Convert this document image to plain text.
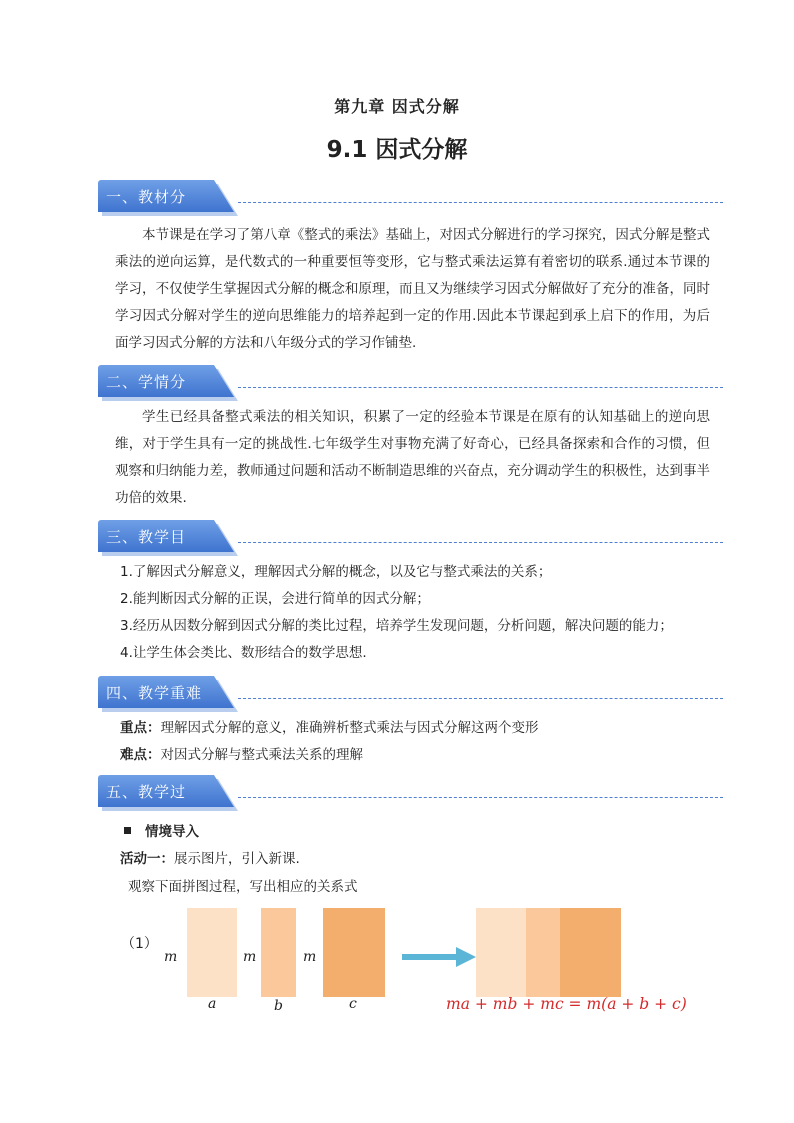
第九章 因式分解
9.1 因式分解
一、教材分
本节课是在学习了第八章《整式的乘法》基础上，对因式分解进行的学习探究，因式分解是整式乘法的逆向运算，是代数式的一种重要恒等变形，它与整式乘法运算有着密切的联系.通过本节课的学习，不仅使学生掌握因式分解的概念和原理，而且又为继续学习因式分解做好了充分的准备，同时学习因式分解对学生的逆向思维能力的培养起到一定的作用.因此本节课起到承上启下的作用，为后面学习因式分解的方法和八年级分式的学习作铺垫.
二、学情分
学生已经具备整式乘法的相关知识，积累了一定的经验本节课是在原有的认知基础上的逆向思维，对于学生具有一定的挑战性.七年级学生对事物充满了好奇心，已经具备探索和合作的习惯，但观察和归纳能力差，教师通过问题和活动不断制造思维的兴奋点，充分调动学生的积极性，达到事半功倍的效果.
三、教学目
1.了解因式分解意义，理解因式分解的概念，以及它与整式乘法的关系；
2.能判断因式分解的正误，会进行简单的因式分解；
3.经历从因数分解到因式分解的类比过程，培养学生发现问题，分析问题，解决问题的能力；
4.让学生体会类比、数形结合的数学思想.
四、教学重难
重点：理解因式分解的意义，准确辨析整式乘法与因式分解这两个变形
难点：对因式分解与整式乘法关系的理解
五、教学过
情境导入
活动一：展示图片，引入新课.
观察下面拼图过程，写出相应的关系式
（1）
m	m	m
a	b	c	ma + mb + mc = m(a + b + c)
